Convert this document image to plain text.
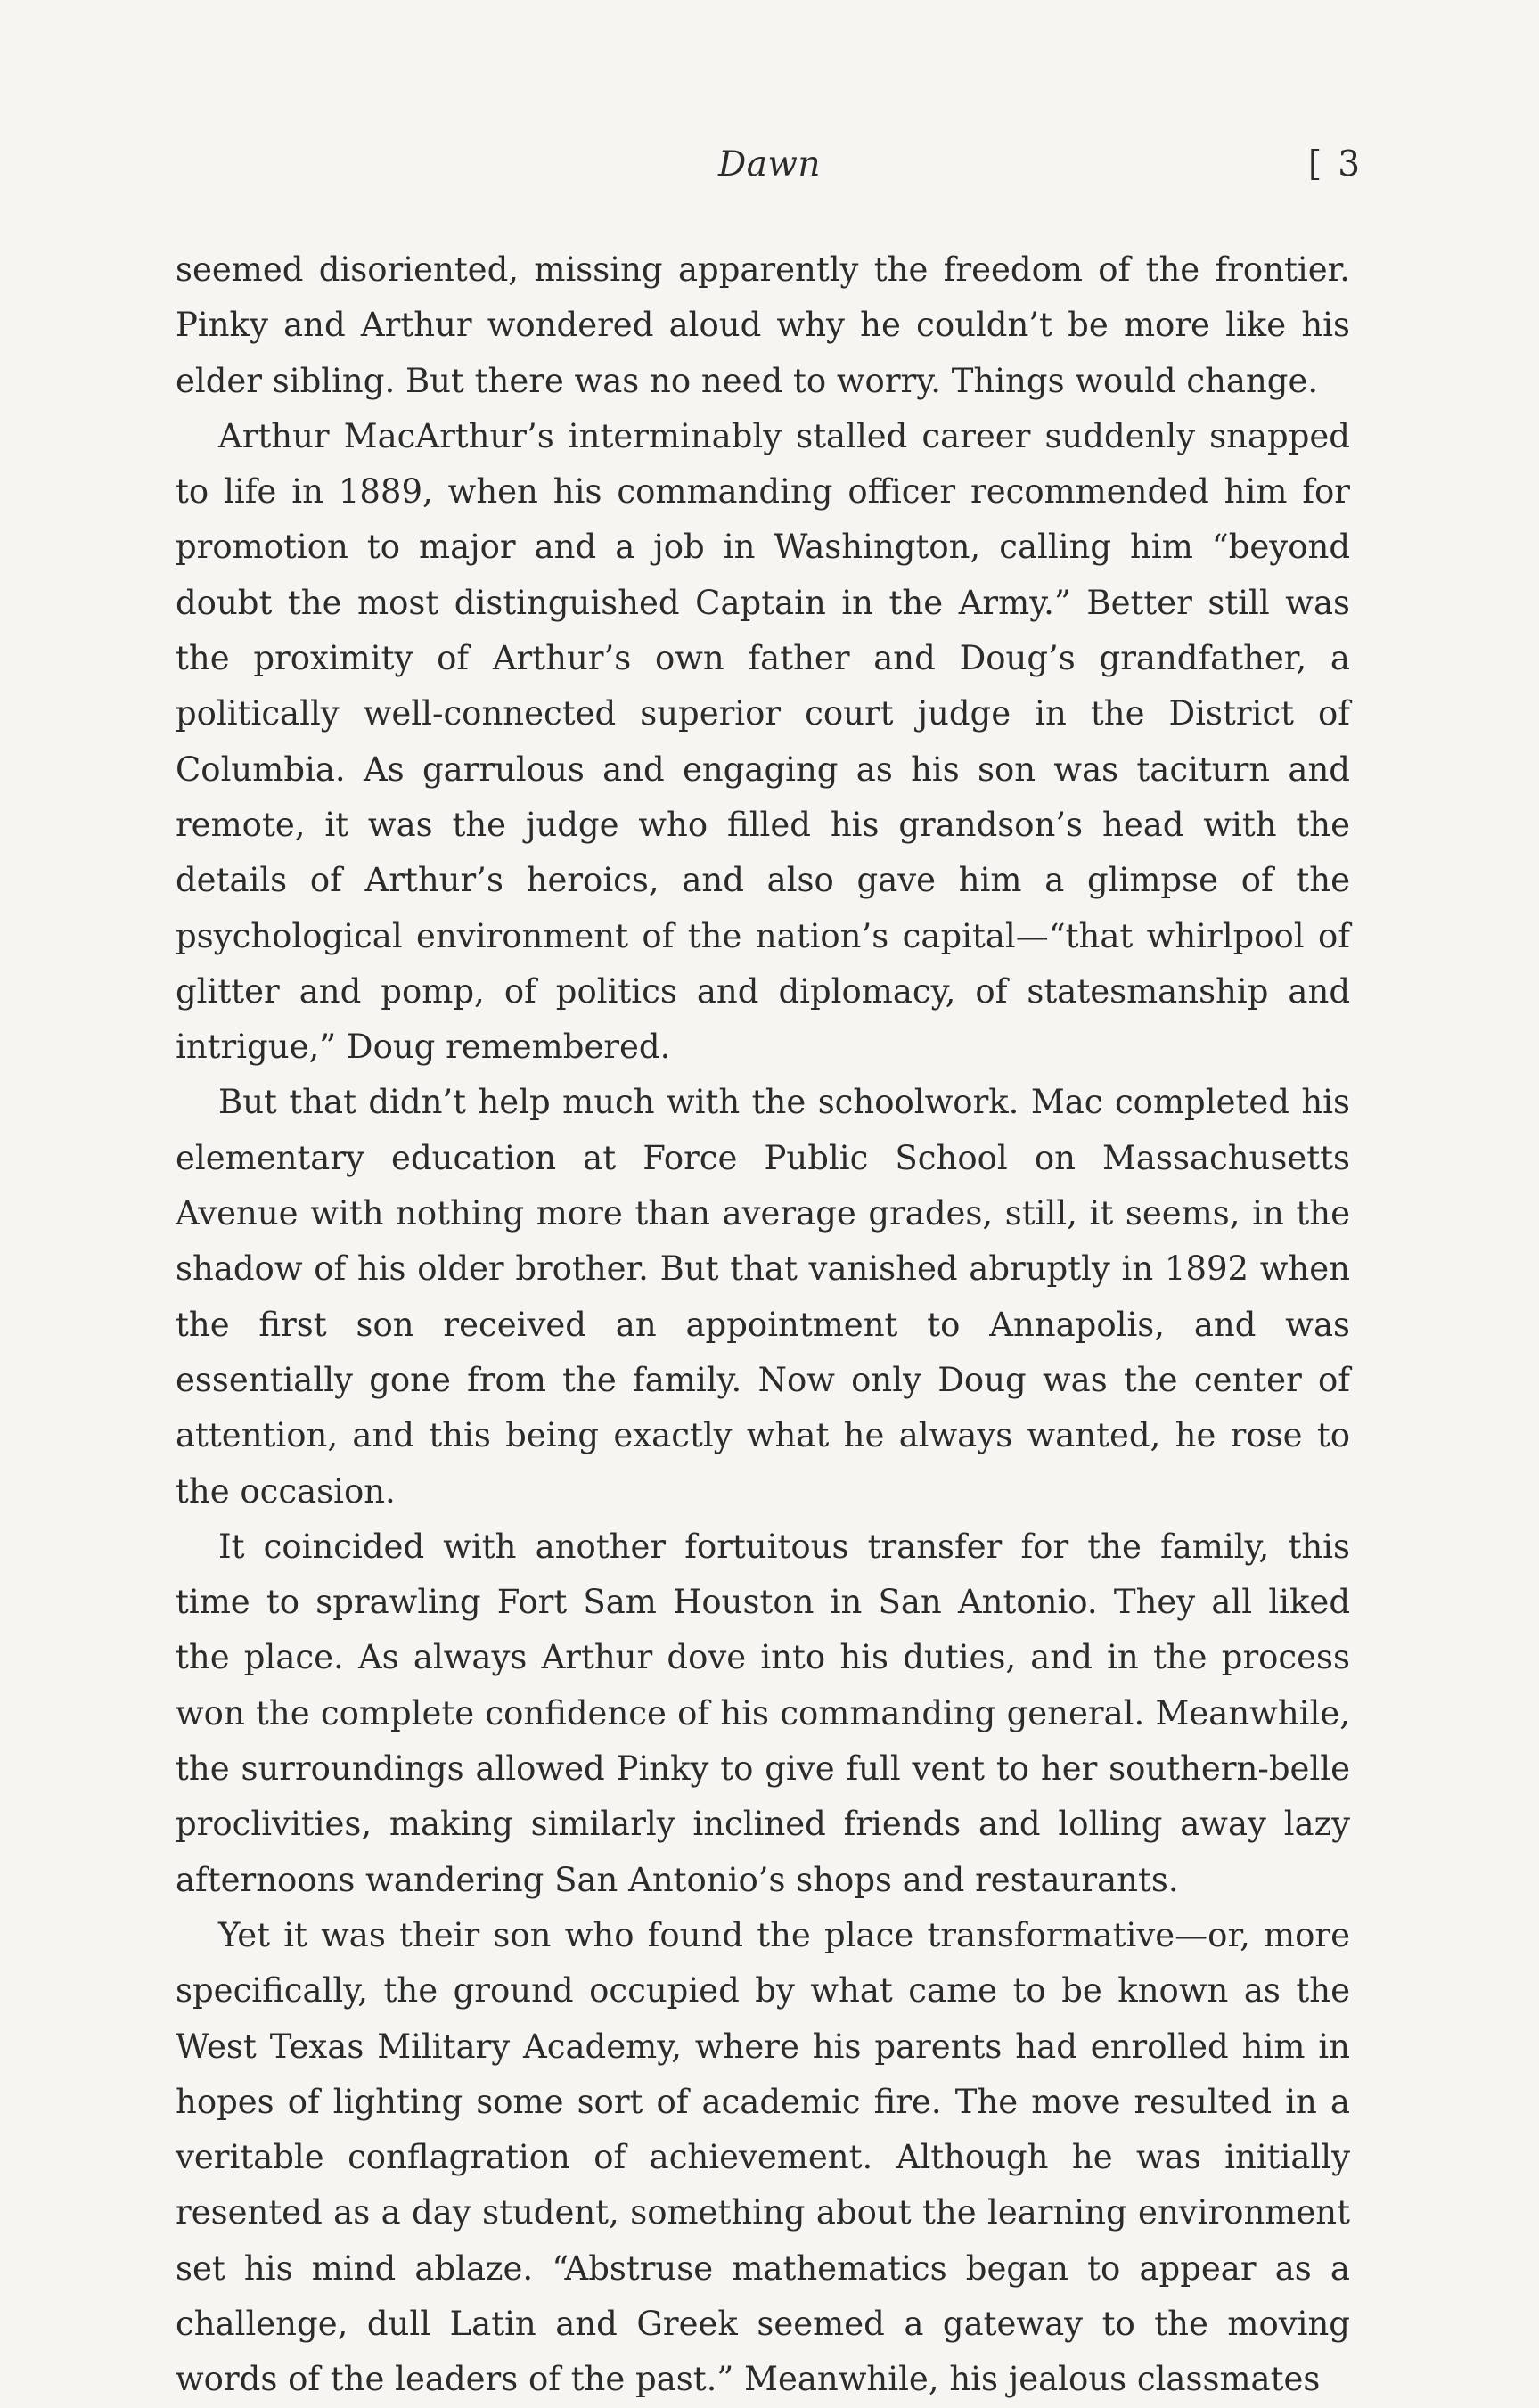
Dawn	[ 3

seemed disoriented, missing apparently the freedom of the frontier. Pinky and Arthur wondered aloud why he couldn’t be more like his elder sibling. But there was no need to worry. Things would change.

Arthur MacArthur’s interminably stalled career suddenly snapped to life in 1889, when his commanding officer recommended him for promotion to major and a job in Washington, calling him “beyond doubt the most distinguished Captain in the Army.” Better still was the proximity of Arthur’s own father and Doug’s grandfather, a politically well-connected superior court judge in the District of Columbia. As garrulous and engaging as his son was taciturn and remote, it was the judge who filled his grandson’s head with the details of Arthur’s heroics, and also gave him a glimpse of the psychological environment of the nation’s capital—“that whirlpool of glitter and pomp, of politics and diplomacy, of statesmanship and intrigue,” Doug remembered.

But that didn’t help much with the schoolwork. Mac completed his elementary education at Force Public School on Massachusetts Avenue with nothing more than average grades, still, it seems, in the shadow of his older brother. But that vanished abruptly in 1892 when the first son received an appointment to Annapolis, and was essentially gone from the family. Now only Doug was the center of attention, and this being exactly what he always wanted, he rose to the occasion.

It coincided with another fortuitous transfer for the family, this time to sprawling Fort Sam Houston in San Antonio. They all liked the place. As always Arthur dove into his duties, and in the process won the complete confidence of his commanding general. Meanwhile, the surroundings allowed Pinky to give full vent to her southern-belle proclivities, making similarly inclined friends and lolling away lazy afternoons wandering San Antonio’s shops and restaurants.

Yet it was their son who found the place transformative—or, more specifically, the ground occupied by what came to be known as the West Texas Military Academy, where his parents had enrolled him in hopes of lighting some sort of academic fire. The move resulted in a veritable conflagration of achievement. Although he was initially resented as a day student, something about the learning environment set his mind ablaze. “Abstruse mathematics began to appear as a challenge, dull Latin and Greek seemed a gateway to the moving words of the leaders of the past.” Meanwhile, his jealous classmates
